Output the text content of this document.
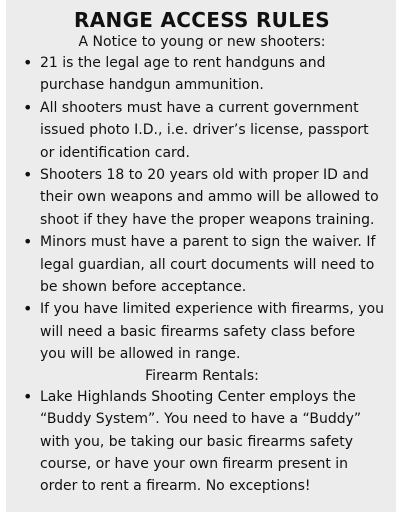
RANGE ACCESS RULES

A Notice to young or new shooters:

• 21 is the legal age to rent handguns and purchase handgun ammunition.
• All shooters must have a current government issued photo I.D., i.e. driver’s license, passport or identification card.
• Shooters 18 to 20 years old with proper ID and their own weapons and ammo will be allowed to shoot if they have the proper weapons training.
• Minors must have a parent to sign the waiver. If legal guardian, all court documents will need to be shown before acceptance.
• If you have limited experience with firearms, you will need a basic firearms safety class before you will be allowed in range.

Firearm Rentals:

• Lake Highlands Shooting Center employs the “Buddy System”. You need to have a “Buddy” with you, be taking our basic firearms safety course, or have your own firearm present in order to rent a firearm. No exceptions!
